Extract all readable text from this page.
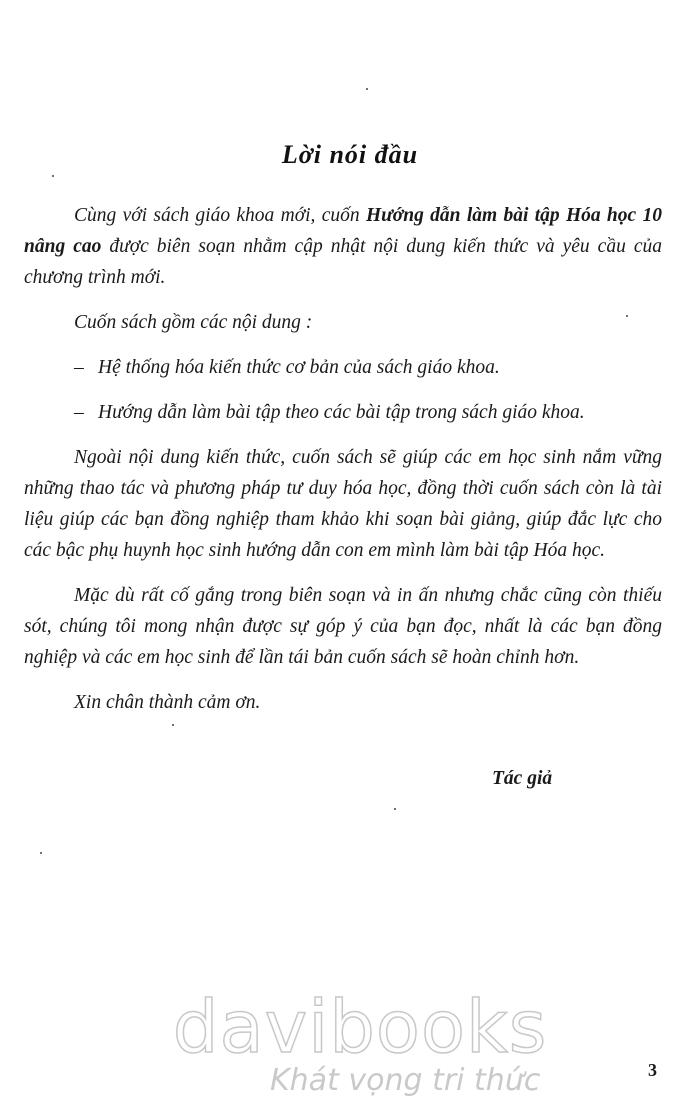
Lời nói đầu

Cùng với sách giáo khoa mới, cuốn Hướng dẫn làm bài tập Hóa học 10 nâng cao được biên soạn nhằm cập nhật nội dung kiến thức và yêu cầu của chương trình mới.

Cuốn sách gồm các nội dung :

– Hệ thống hóa kiến thức cơ bản của sách giáo khoa.

– Hướng dẫn làm bài tập theo các bài tập trong sách giáo khoa.

Ngoài nội dung kiến thức, cuốn sách sẽ giúp các em học sinh nắm vững những thao tác và phương pháp tư duy hóa học, đồng thời cuốn sách còn là tài liệu giúp các bạn đồng nghiệp tham khảo khi soạn bài giảng, giúp đắc lực cho các bậc phụ huynh học sinh hướng dẫn con em mình làm bài tập Hóa học.

Mặc dù rất cố gắng trong biên soạn và in ấn nhưng chắc cũng còn thiếu sót, chúng tôi mong nhận được sự góp ý của bạn đọc, nhất là các bạn đồng nghiệp và các em học sinh để lần tái bản cuốn sách sẽ hoàn chỉnh hơn.

Xin chân thành cảm ơn.

Tác giả
davibooks
Khát vọng tri thức	3
